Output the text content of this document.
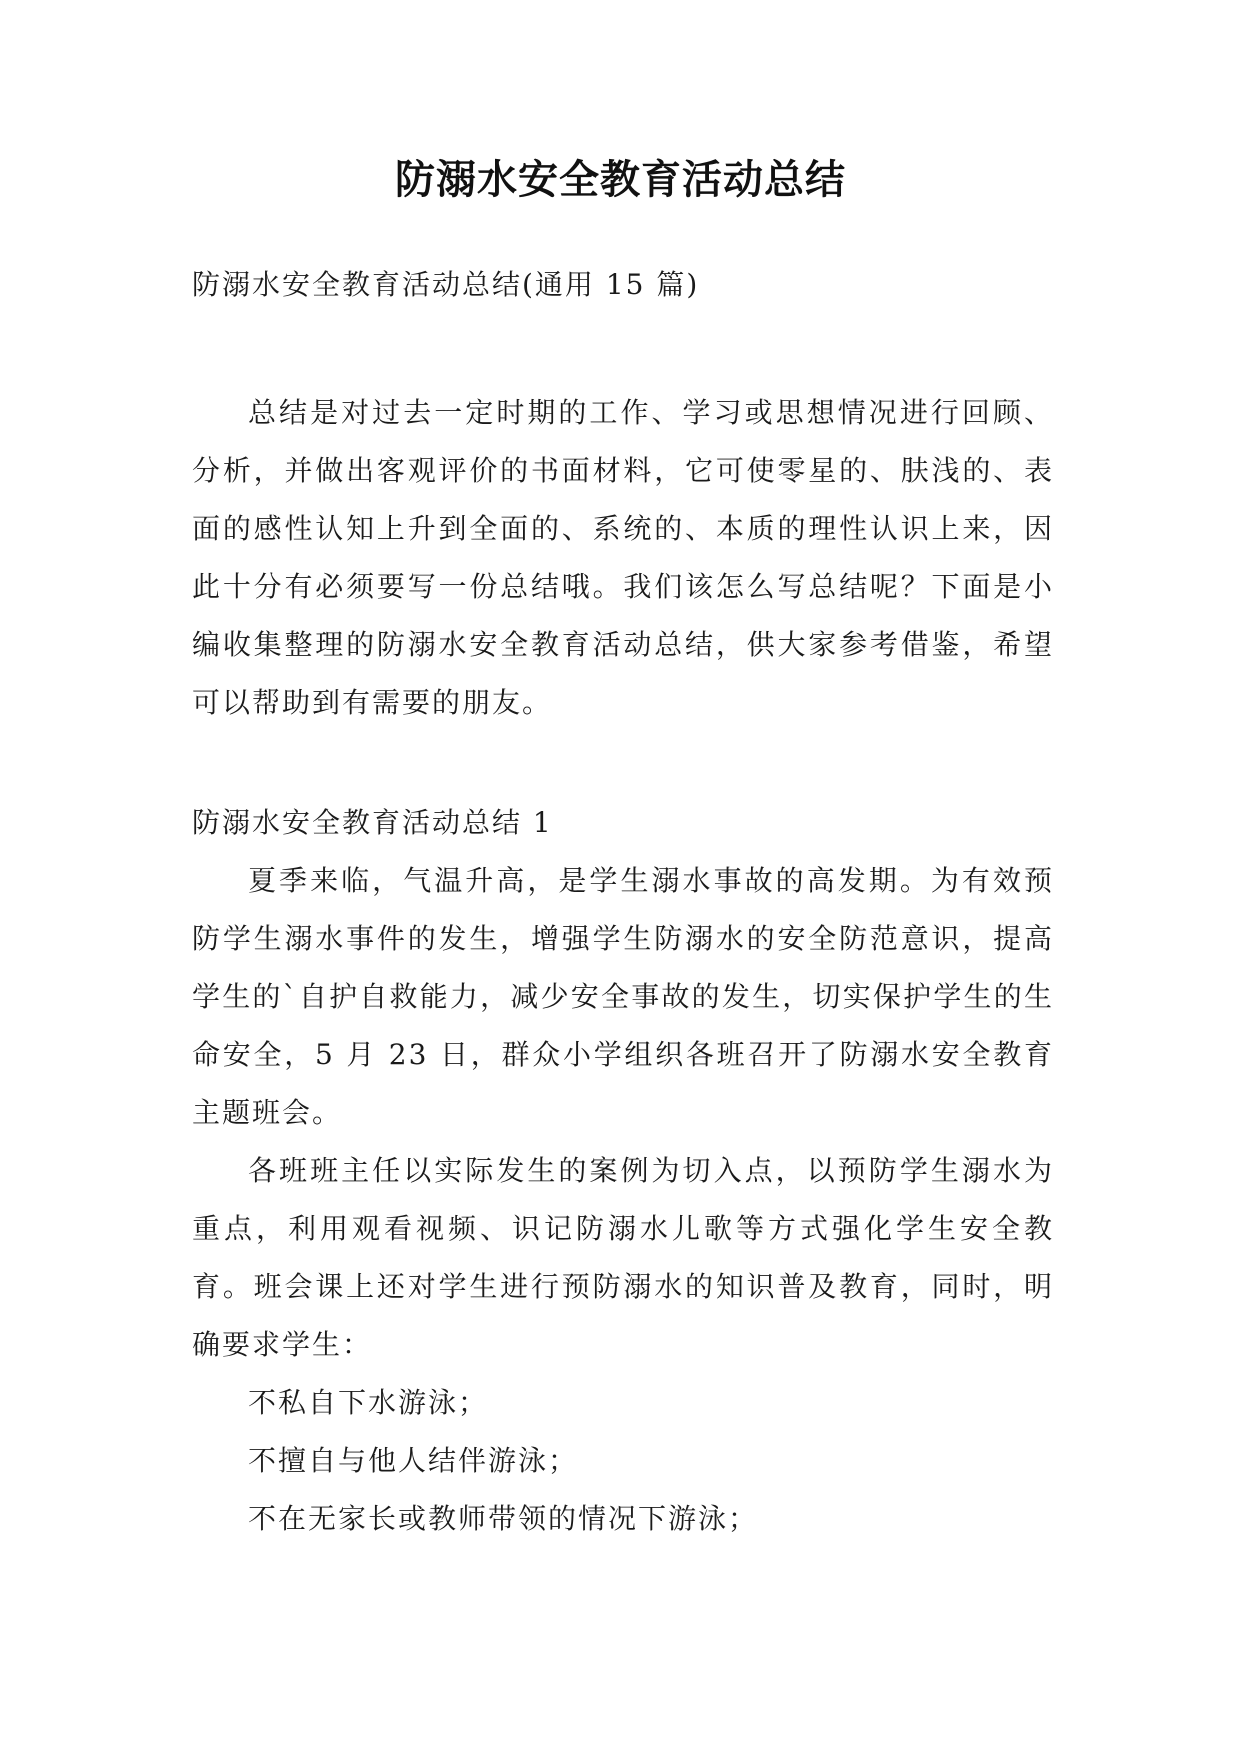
防溺水安全教育活动总结

防溺水安全教育活动总结(通用 15 篇)

总结是对过去一定时期的工作、学习或思想情况进行回顾、分析，并做出客观评价的书面材料，它可使零星的、肤浅的、表面的感性认知上升到全面的、系统的、本质的理性认识上来，因此十分有必须要写一份总结哦。我们该怎么写总结呢？下面是小编收集整理的防溺水安全教育活动总结，供大家参考借鉴，希望可以帮助到有需要的朋友。

防溺水安全教育活动总结 1

夏季来临，气温升高，是学生溺水事故的高发期。为有效预防学生溺水事件的发生，增强学生防溺水的安全防范意识，提高学生的`自护自救能力，减少安全事故的发生，切实保护学生的生命安全，5 月 23 日，群众小学组织各班召开了防溺水安全教育主题班会。

各班班主任以实际发生的案例为切入点，以预防学生溺水为重点，利用观看视频、识记防溺水儿歌等方式强化学生安全教育。班会课上还对学生进行预防溺水的知识普及教育，同时，明确要求学生：

不私自下水游泳；

不擅自与他人结伴游泳；

不在无家长或教师带领的情况下游泳；
